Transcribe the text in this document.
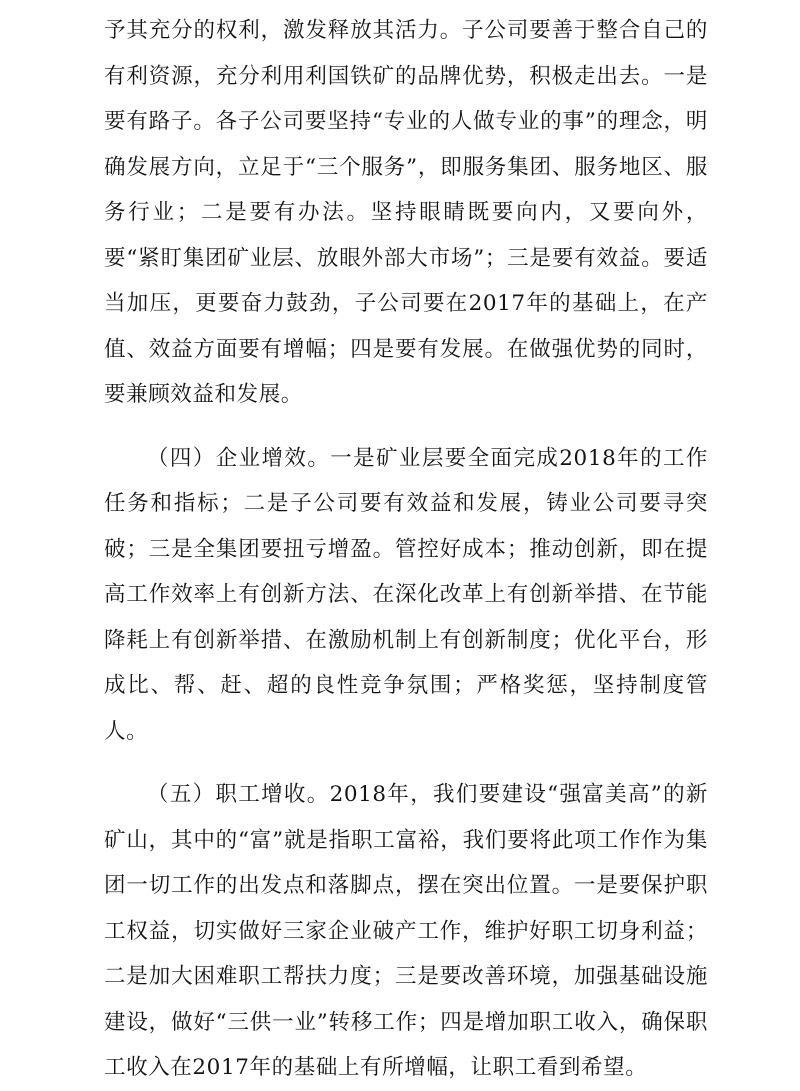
予其充分的权利，激发释放其活力。子公司要善于整合自己的有利资源，充分利用利国铁矿的品牌优势，积极走出去。一是要有路子。各子公司要坚持“专业的人做专业的事”的理念，明确发展方向，立足于“三个服务”，即服务集团、服务地区、服务行业；二是要有办法。坚持眼睛既要向内，又要向外，要“紧盯集团矿业层、放眼外部大市场”；三是要有效益。要适当加压，更要奋力鼓劲，子公司要在2017年的基础上，在产值、效益方面要有增幅；四是要有发展。在做强优势的同时，要兼顾效益和发展。

（四）企业增效。一是矿业层要全面完成2018年的工作任务和指标；二是子公司要有效益和发展，铸业公司要寻突破；三是全集团要扭亏增盈。管控好成本；推动创新，即在提高工作效率上有创新方法、在深化改革上有创新举措、在节能降耗上有创新举措、在激励机制上有创新制度；优化平台，形成比、帮、赶、超的良性竞争氛围；严格奖惩，坚持制度管人。

（五）职工增收。2018年，我们要建设“强富美高”的新矿山，其中的“富”就是指职工富裕，我们要将此项工作作为集团一切工作的出发点和落脚点，摆在突出位置。一是要保护职工权益，切实做好三家企业破产工作，维护好职工切身利益；二是加大困难职工帮扶力度；三是要改善环境，加强基础设施建设，做好“三供一业”转移工作；四是增加职工收入，确保职工收入在2017年的基础上有所增幅，让职工看到希望。
